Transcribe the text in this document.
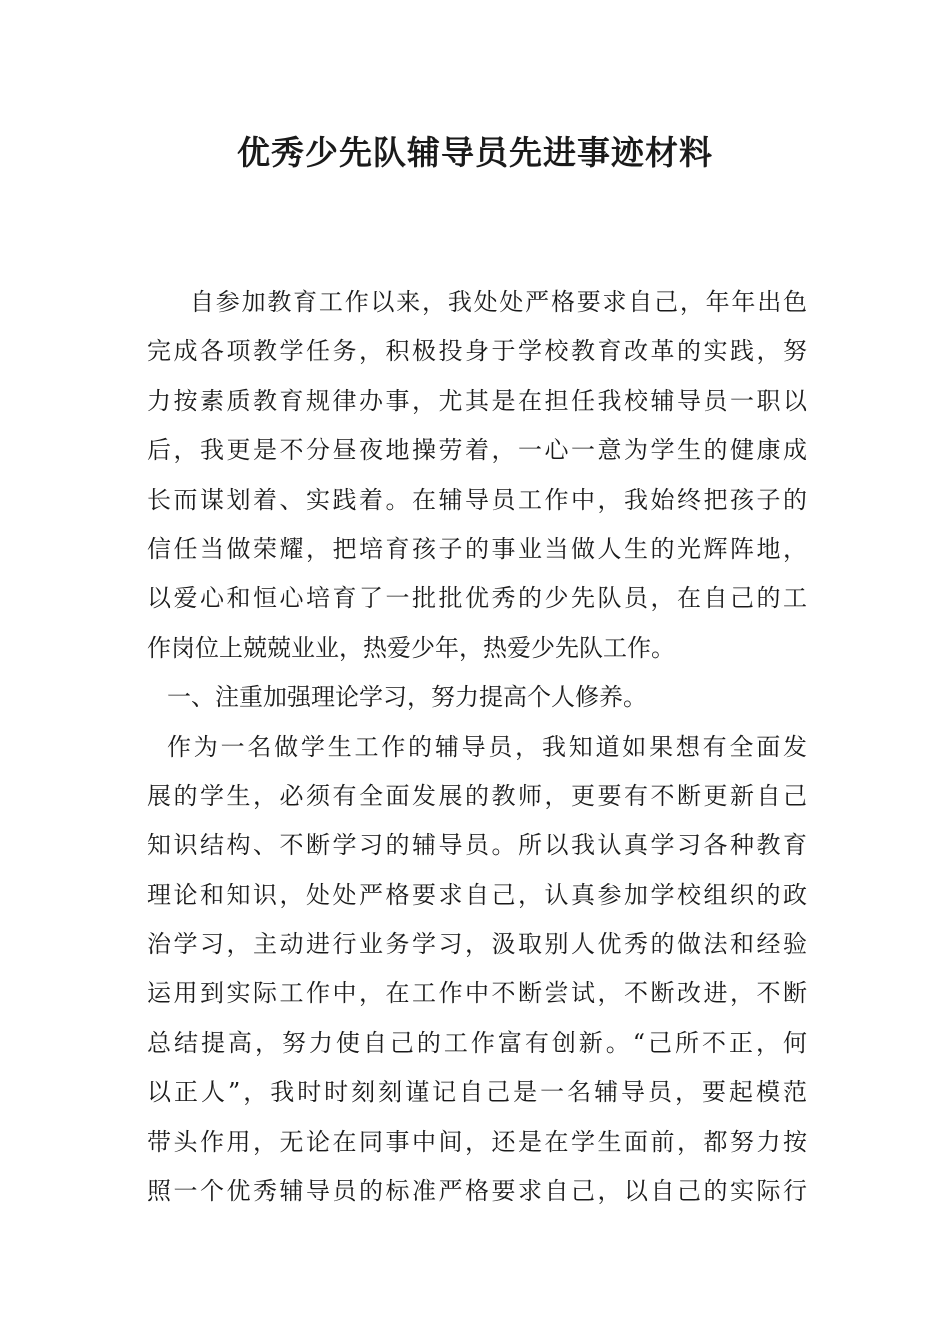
优秀少先队辅导员先进事迹材料
自参加教育工作以来，我处处严格要求自己，年年出色
完成各项教学任务，积极投身于学校教育改革的实践，努
力按素质教育规律办事，尤其是在担任我校辅导员一职以
后，我更是不分昼夜地操劳着，一心一意为学生的健康成
长而谋划着、实践着。在辅导员工作中，我始终把孩子的
信任当做荣耀，把培育孩子的事业当做人生的光辉阵地，
以爱心和恒心培育了一批批优秀的少先队员，在自己的工
作岗位上兢兢业业，热爱少年，热爱少先队工作。
一、注重加强理论学习，努力提高个人修养。
作为一名做学生工作的辅导员，我知道如果想有全面发
展的学生，必须有全面发展的教师，更要有不断更新自己
知识结构、不断学习的辅导员。所以我认真学习各种教育
理论和知识，处处严格要求自己，认真参加学校组织的政
治学习，主动进行业务学习，汲取别人优秀的做法和经验
运用到实际工作中，在工作中不断尝试，不断改进，不断
总结提高，努力使自己的工作富有创新。“己所不正，何
以正人”，我时时刻刻谨记自己是一名辅导员，要起模范
带头作用，无论在同事中间，还是在学生面前，都努力按
照一个优秀辅导员的标准严格要求自己，以自己的实际行
